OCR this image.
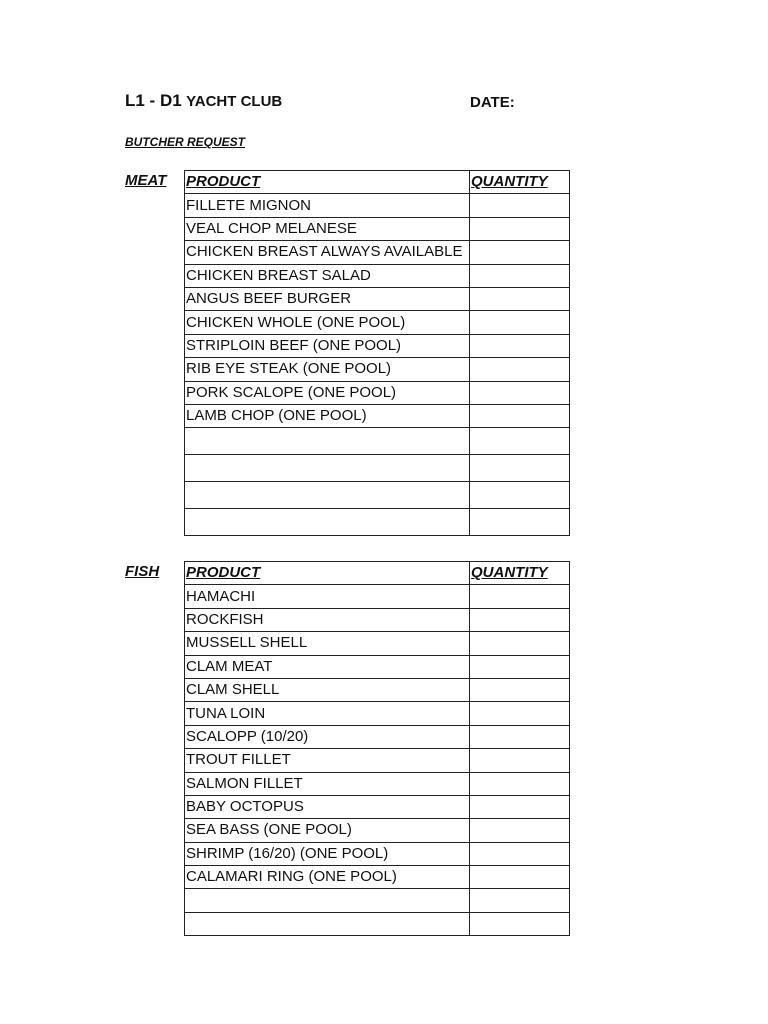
L1 - D1 YACHT CLUB	DATE:
BUTCHER REQUEST
MEAT PRODUCT	QUANTITY
FILLETE MIGNON	
VEAL CHOP MELANESE	
CHICKEN BREAST ALWAYS AVAILABLE	
CHICKEN BREAST SALAD	
ANGUS BEEF BURGER	
CHICKEN WHOLE (ONE POOL)	
STRIPLOIN BEEF (ONE POOL)	
RIB EYE STEAK (ONE POOL)	
PORK SCALOPE (ONE POOL)	
LAMB CHOP (ONE POOL)	

FISH PRODUCT	QUANTITY
HAMACHI	
ROCKFISH	
MUSSELL SHELL	
CLAM MEAT	
CLAM SHELL	
TUNA LOIN	
SCALOPP (10/20)	
TROUT FILLET	
SALMON FILLET	
BABY OCTOPUS	
SEA BASS (ONE POOL)	
SHRIMP (16/20) (ONE POOL)	
CALAMARI RING (ONE POOL)	
